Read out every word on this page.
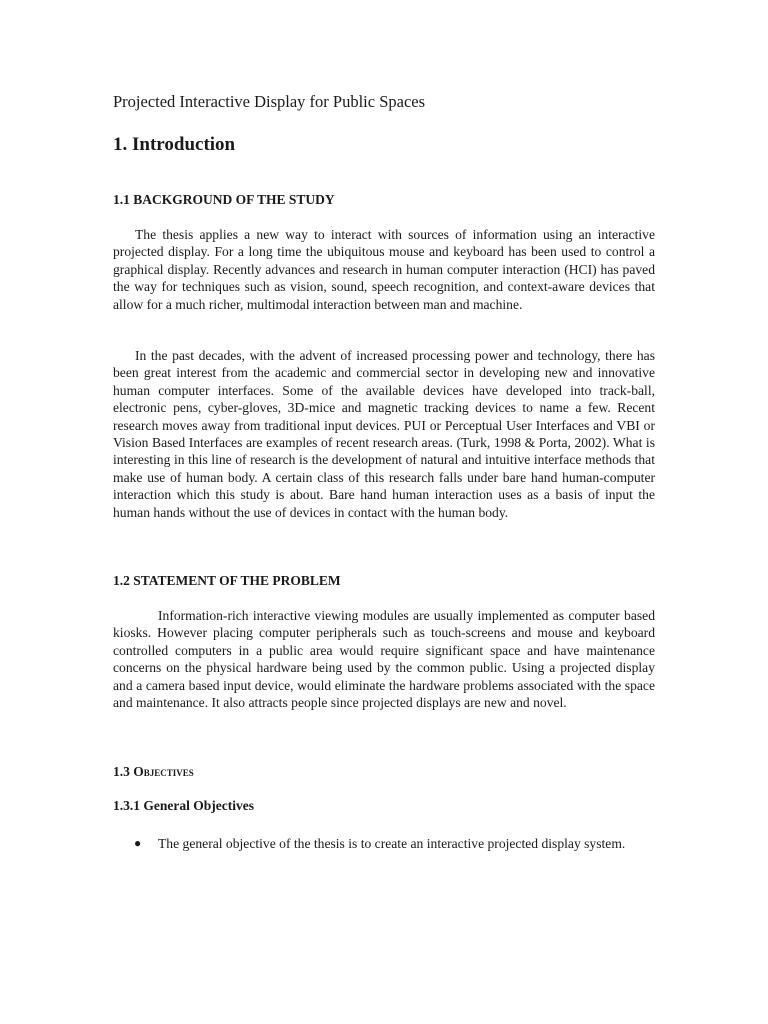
Projected Interactive Display for Public Spaces
1. Introduction
1.1 BACKGROUND OF THE STUDY

The thesis applies a new way to interact with sources of information using an interactive projected display. For a long time the ubiquitous mouse and keyboard has been used to control a graphical display. Recently advances and research in human computer interaction (HCI) has paved the way for techniques such as vision, sound, speech recognition, and context-aware devices that allow for a much richer, multimodal interaction between man and machine.

In the past decades, with the advent of increased processing power and technology, there has been great interest from the academic and commercial sector in developing new and innovative human computer interfaces. Some of the available devices have developed into track-ball, electronic pens, cyber-gloves, 3D-mice and magnetic tracking devices to name a few. Recent research moves away from traditional input devices. PUI or Perceptual User Interfaces and VBI or Vision Based Interfaces are examples of recent research areas. (Turk, 1998 & Porta, 2002). What is interesting in this line of research is the development of natural and intuitive interface methods that make use of human body. A certain class of this research falls under bare hand human-computer interaction which this study is about. Bare hand human interaction uses as a basis of input the human hands without the use of devices in contact with the human body.

1.2 STATEMENT OF THE PROBLEM

Information-rich interactive viewing modules are usually implemented as computer based kiosks. However placing computer peripherals such as touch-screens and mouse and keyboard controlled computers in a public area would require significant space and have maintenance concerns on the physical hardware being used by the common public. Using a projected display and a camera based input device, would eliminate the hardware problems associated with the space and maintenance. It also attracts people since projected displays are new and novel.

1.3 Objectives
1.3.1 General Objectives
● The general objective of the thesis is to create an interactive projected display system.
